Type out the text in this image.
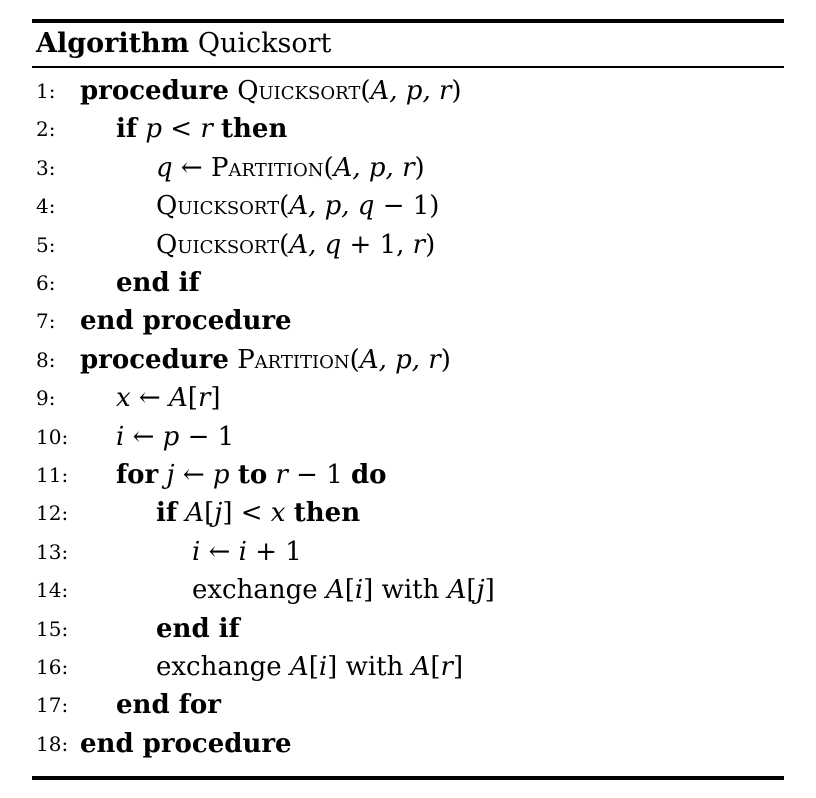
Algorithm Quicksort
1: procedure Quicksort(A, p, r)
2:	if p < r then
3:	q ← Partition(A, p, r)
4:	Quicksort(A, p, q − 1)
5:	Quicksort(A, q + 1, r)
6:	end if
7: end procedure
8: procedure Partition(A, p, r)
9:	x ← A[r]
10: i ← p − 1
11: for j ← p to r − 1 do
12:	if A[j] < x then
13:	i ← i + 1
14:	exchange A[i] with A[j]
15:	end if
16:	exchange A[i] with A[r]
17: end for
18: end procedure
